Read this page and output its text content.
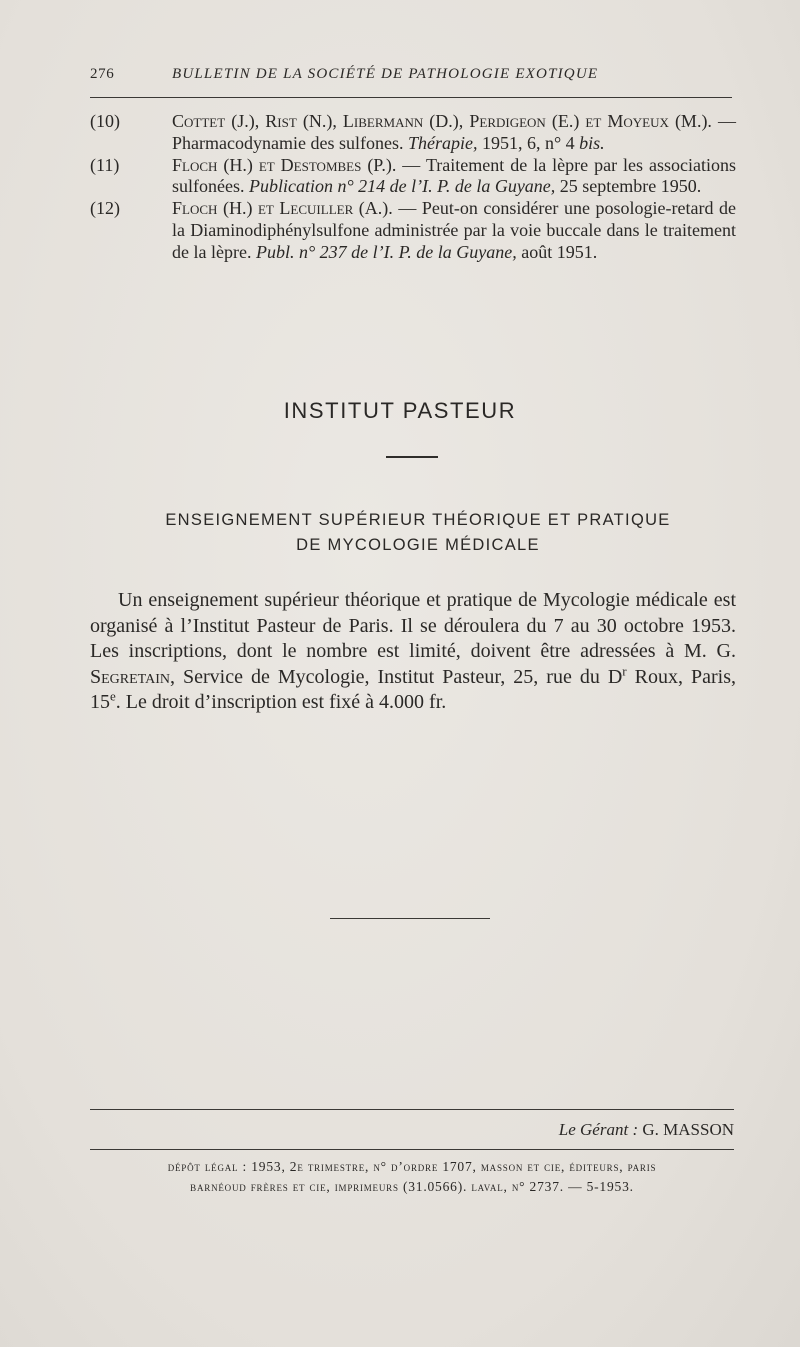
276	BULLETIN DE LA SOCIÉTÉ DE PATHOLOGIE EXOTIQUE
(10)	Cottet (J.), Rist (N.), Libermann (D.), Perdigeon (E.) et Moyeux (M.). — Pharmacodynamie des sulfones. Thérapie, 1951, 6, n° 4 bis.
(11)	Floch (H.) et Destombes (P.). — Traitement de la lèpre par les associations sulfonées. Publication n° 214 de l’I. P. de la Guyane, 25 septembre 1950.
(12)	Floch (H.) et Lecuiller (A.). — Peut-on considérer une posologie-retard de la Diaminodiphénylsulfone administrée par la voie buccale dans le traitement de la lèpre. Publ. n° 237 de l’I. P. de la Guyane, août 1951.
INSTITUT PASTEUR
ENSEIGNEMENT SUPÉRIEUR THÉORIQUE ET PRATIQUE
DE MYCOLOGIE MÉDICALE
Un enseignement supérieur théorique et pratique de Mycologie médicale est organisé à l’Institut Pasteur de Paris. Il se déroulera du 7 au 30 octobre 1953. Les inscriptions, dont le nombre est limité, doivent être adressées à M. G. Segretain, Service de Mycologie, Institut Pasteur, 25, rue du $D^r$ Roux, Paris, 15e. Le droit d’inscription est fixé à 4.000 fr.
Le Gérant : G. MASSON
dépôt légal : 1953, 2e trimestre, n° d’ordre 1707, masson et cie, éditeurs, paris
barnéoud frères et cie, imprimeurs (31.0566). laval, n° 2737. — 5-1953.
